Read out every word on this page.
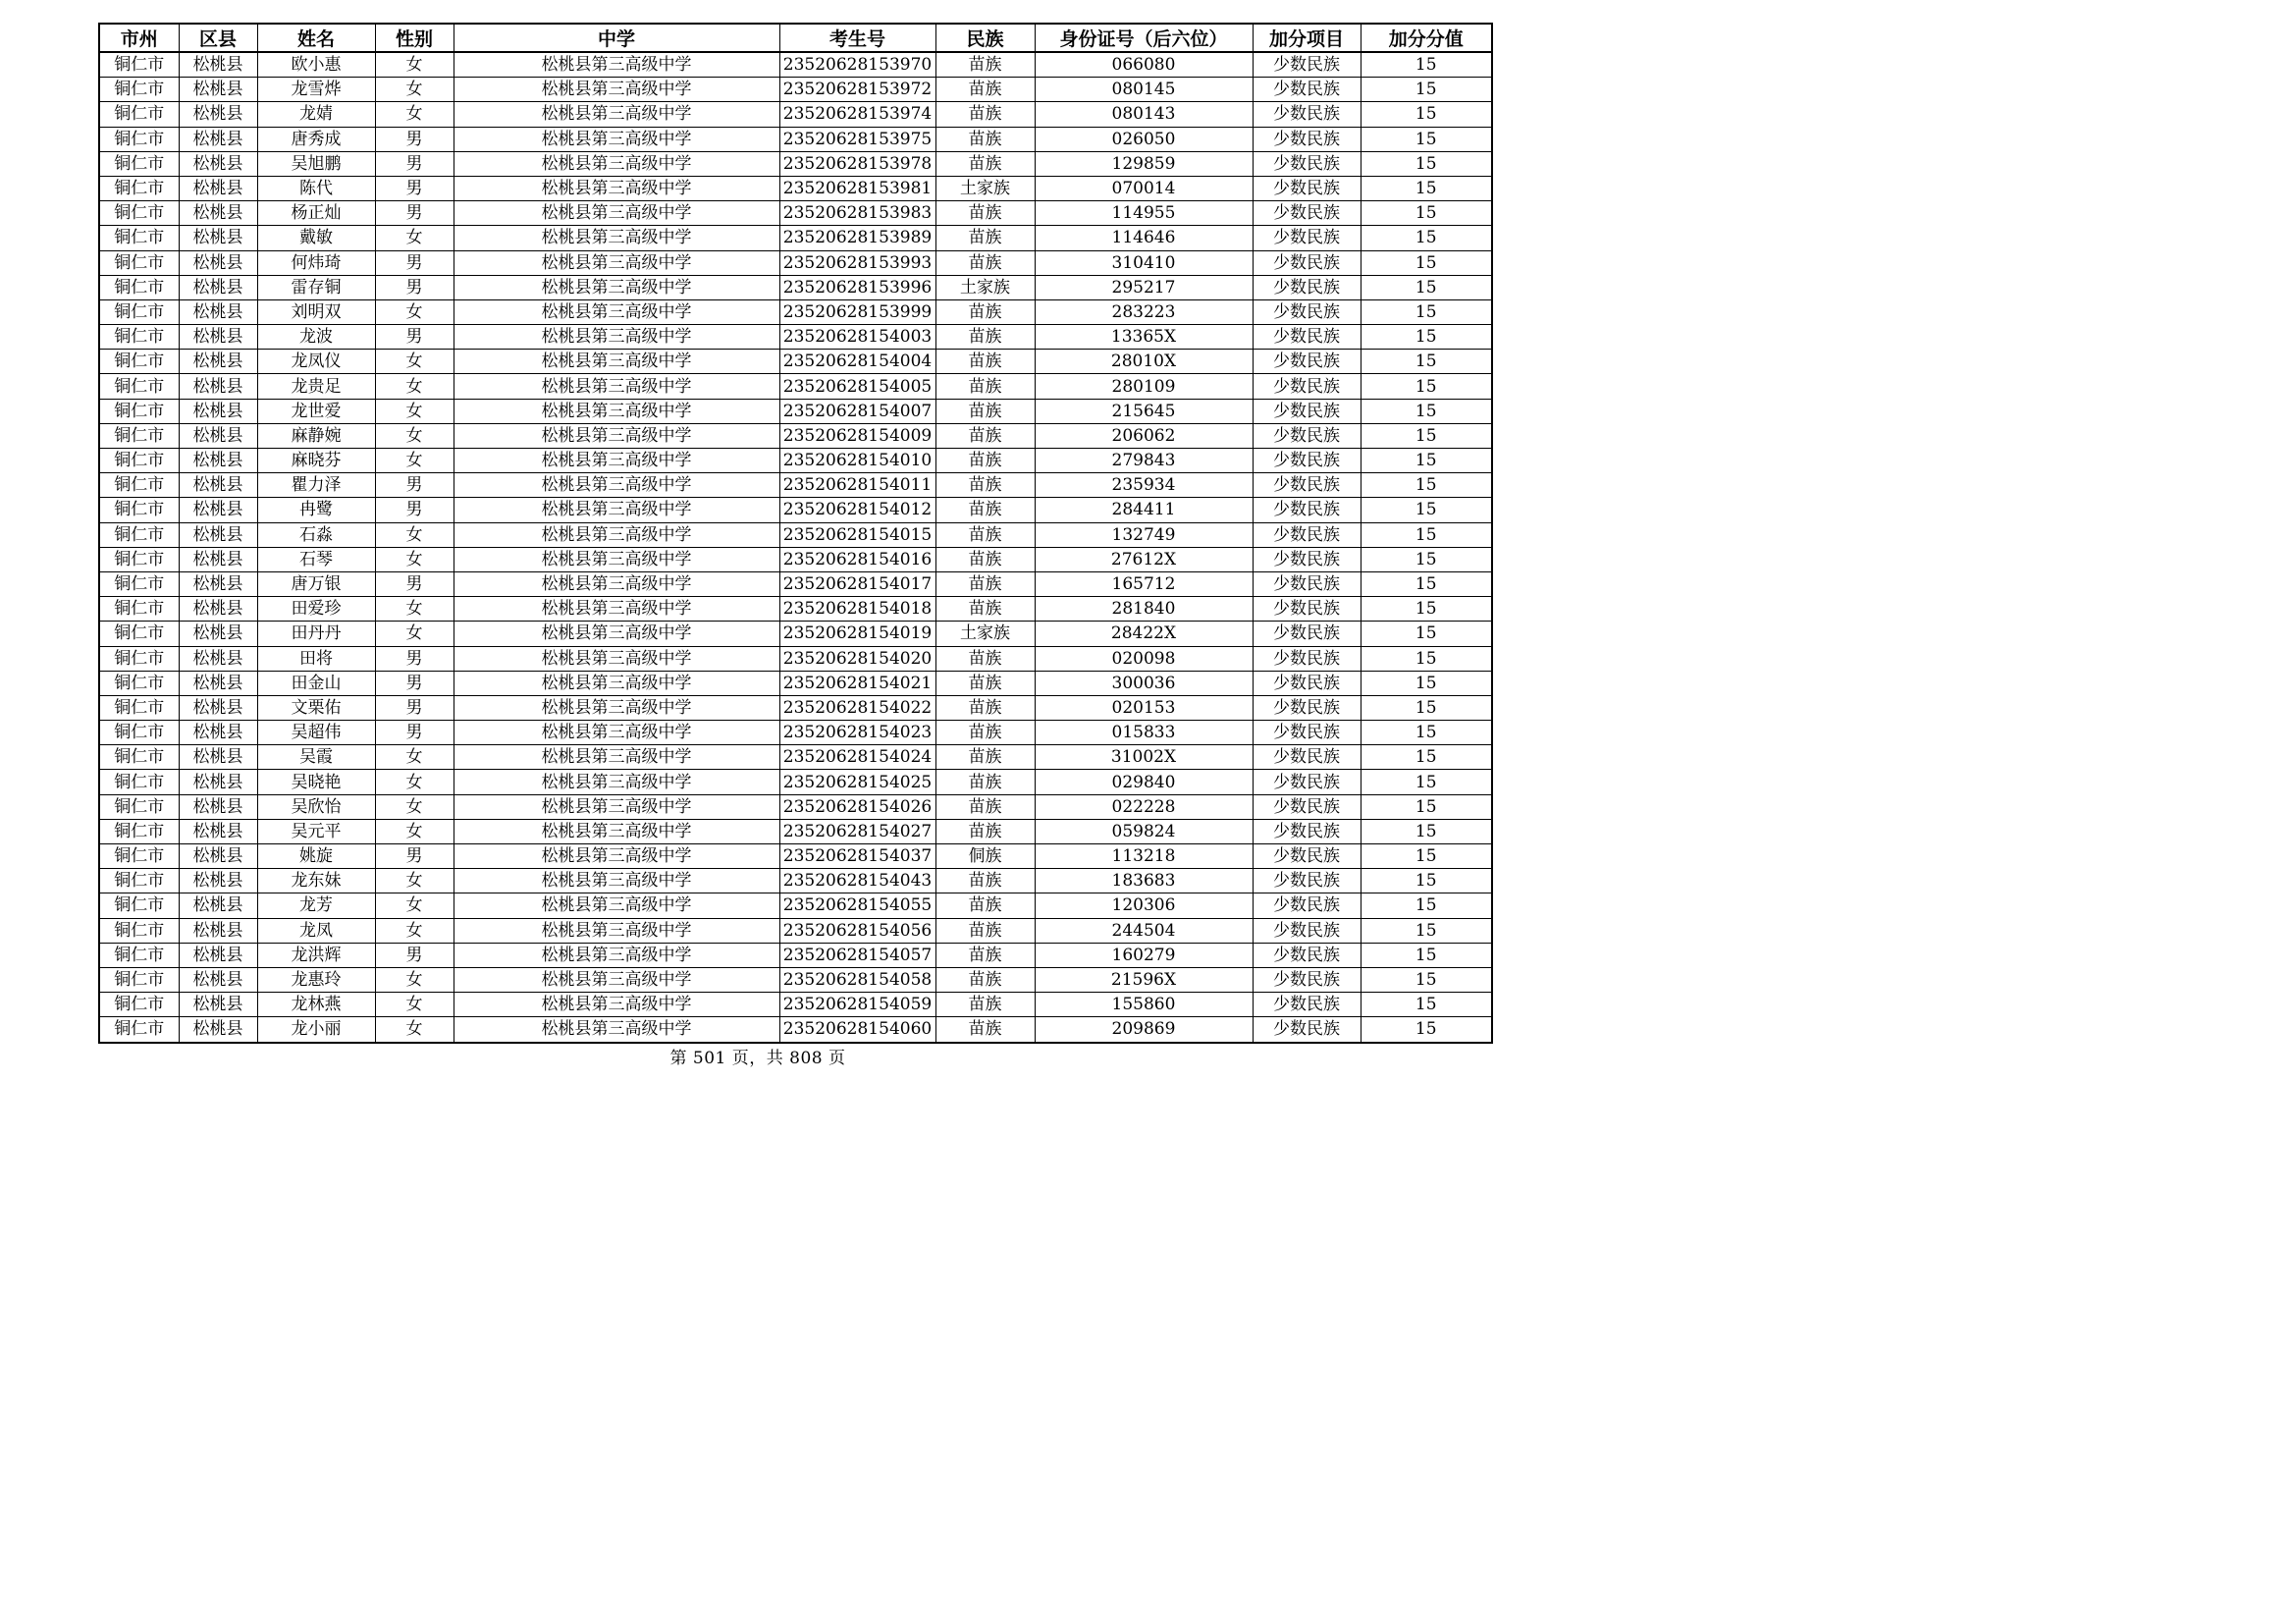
市州	区县	姓名	性别	中学	考生号	民族	身份证号（后六位）	加分项目	加分分值
铜仁市	松桃县	欧小惠	女	松桃县第三高级中学	23520628153970	苗族	066080	少数民族	15
铜仁市	松桃县	龙雪烨	女	松桃县第三高级中学	23520628153972	苗族	080145	少数民族	15
铜仁市	松桃县	龙婧	女	松桃县第三高级中学	23520628153974	苗族	080143	少数民族	15
铜仁市	松桃县	唐秀成	男	松桃县第三高级中学	23520628153975	苗族	026050	少数民族	15
铜仁市	松桃县	吴旭鹏	男	松桃县第三高级中学	23520628153978	苗族	129859	少数民族	15
铜仁市	松桃县	陈代	男	松桃县第三高级中学	23520628153981	土家族	070014	少数民族	15
铜仁市	松桃县	杨正灿	男	松桃县第三高级中学	23520628153983	苗族	114955	少数民族	15
铜仁市	松桃县	戴敏	女	松桃县第三高级中学	23520628153989	苗族	114646	少数民族	15
铜仁市	松桃县	何炜琦	男	松桃县第三高级中学	23520628153993	苗族	310410	少数民族	15
铜仁市	松桃县	雷存铜	男	松桃县第三高级中学	23520628153996	土家族	295217	少数民族	15
铜仁市	松桃县	刘明双	女	松桃县第三高级中学	23520628153999	苗族	283223	少数民族	15
铜仁市	松桃县	龙波	男	松桃县第三高级中学	23520628154003	苗族	13365X	少数民族	15
铜仁市	松桃县	龙凤仪	女	松桃县第三高级中学	23520628154004	苗族	28010X	少数民族	15
铜仁市	松桃县	龙贵足	女	松桃县第三高级中学	23520628154005	苗族	280109	少数民族	15
铜仁市	松桃县	龙世爱	女	松桃县第三高级中学	23520628154007	苗族	215645	少数民族	15
铜仁市	松桃县	麻静婉	女	松桃县第三高级中学	23520628154009	苗族	206062	少数民族	15
铜仁市	松桃县	麻晓芬	女	松桃县第三高级中学	23520628154010	苗族	279843	少数民族	15
铜仁市	松桃县	瞿力泽	男	松桃县第三高级中学	23520628154011	苗族	235934	少数民族	15
铜仁市	松桃县	冉鹭	男	松桃县第三高级中学	23520628154012	苗族	284411	少数民族	15
铜仁市	松桃县	石淼	女	松桃县第三高级中学	23520628154015	苗族	132749	少数民族	15
铜仁市	松桃县	石琴	女	松桃县第三高级中学	23520628154016	苗族	27612X	少数民族	15
铜仁市	松桃县	唐万银	男	松桃县第三高级中学	23520628154017	苗族	165712	少数民族	15
铜仁市	松桃县	田爱珍	女	松桃县第三高级中学	23520628154018	苗族	281840	少数民族	15
铜仁市	松桃县	田丹丹	女	松桃县第三高级中学	23520628154019	土家族	28422X	少数民族	15
铜仁市	松桃县	田将	男	松桃县第三高级中学	23520628154020	苗族	020098	少数民族	15
铜仁市	松桃县	田金山	男	松桃县第三高级中学	23520628154021	苗族	300036	少数民族	15
铜仁市	松桃县	文栗佑	男	松桃县第三高级中学	23520628154022	苗族	020153	少数民族	15
铜仁市	松桃县	吴超伟	男	松桃县第三高级中学	23520628154023	苗族	015833	少数民族	15
铜仁市	松桃县	吴霞	女	松桃县第三高级中学	23520628154024	苗族	31002X	少数民族	15
铜仁市	松桃县	吴晓艳	女	松桃县第三高级中学	23520628154025	苗族	029840	少数民族	15
铜仁市	松桃县	吴欣怡	女	松桃县第三高级中学	23520628154026	苗族	022228	少数民族	15
铜仁市	松桃县	吴元平	女	松桃县第三高级中学	23520628154027	苗族	059824	少数民族	15
铜仁市	松桃县	姚旋	男	松桃县第三高级中学	23520628154037	侗族	113218	少数民族	15
铜仁市	松桃县	龙东妹	女	松桃县第三高级中学	23520628154043	苗族	183683	少数民族	15
铜仁市	松桃县	龙芳	女	松桃县第三高级中学	23520628154055	苗族	120306	少数民族	15
铜仁市	松桃县	龙凤	女	松桃县第三高级中学	23520628154056	苗族	244504	少数民族	15
铜仁市	松桃县	龙洪辉	男	松桃县第三高级中学	23520628154057	苗族	160279	少数民族	15
铜仁市	松桃县	龙惠玲	女	松桃县第三高级中学	23520628154058	苗族	21596X	少数民族	15
铜仁市	松桃县	龙林燕	女	松桃县第三高级中学	23520628154059	苗族	155860	少数民族	15
铜仁市	松桃县	龙小丽	女	松桃县第三高级中学	23520628154060	苗族	209869	少数民族	15
第 501 页，共 808 页
